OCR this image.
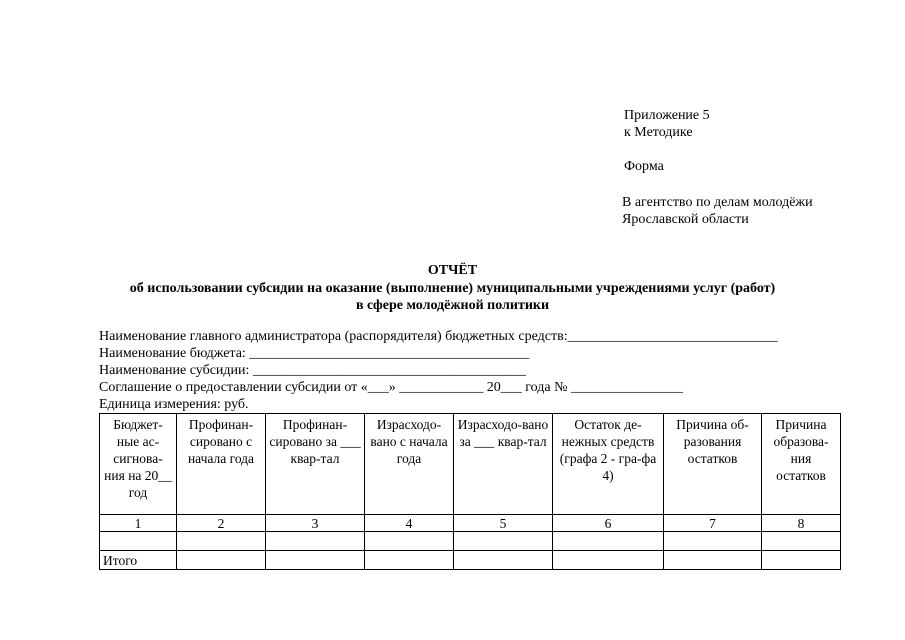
Приложение 5
к Методике
Форма
В агентство по делам молодёжи
Ярославской области
ОТЧЁТ
об использовании субсидии на оказание (выполнение) муниципальными учреждениями услуг (работ)
в сфере молодёжной политики
Наименование главного администратора (распорядителя) бюджетных средств:______________________________
Наименование бюджета: ________________________________________
Наименование субсидии: _______________________________________
Соглашение о предоставлении субсидии от «___» ____________ 20___ года № ________________
Единица измерения: руб.
Бюджет-ные ас-сигнова-ния на 20__ год	Профинан-сировано с начала года	Профинан-сировано за ___ квар-тал	Израсходо-вано с начала года	Израсходо-вано за ___ квар-тал	Остаток де-нежных средств (графа 2 - гра-фа 4)	Причина об-разования остатков	Причина образова-ния остатков
1	2	3	4	5	6	7	8

Итого							
